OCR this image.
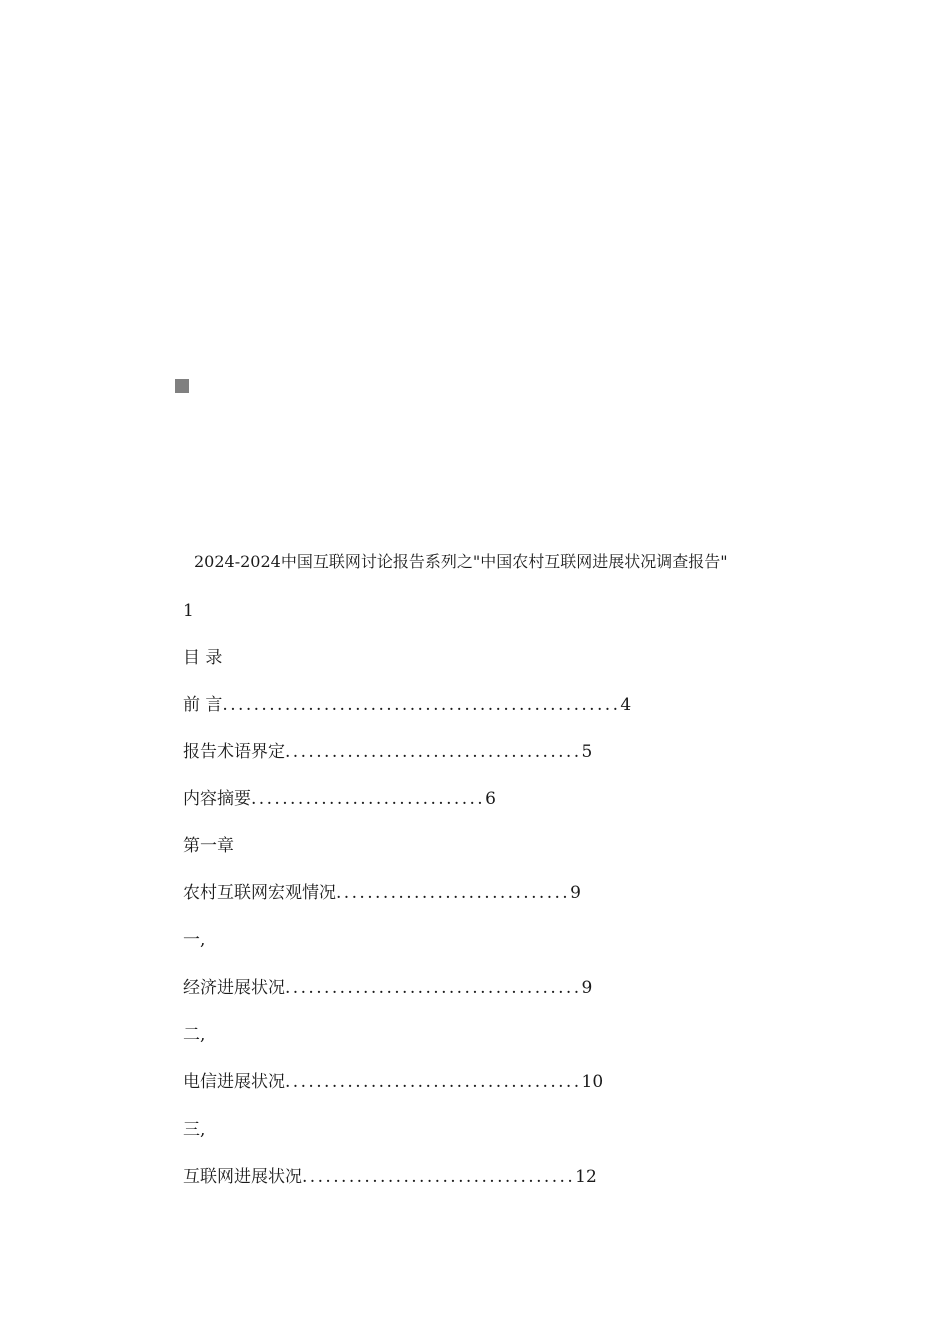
2024-2024中国互联网讨论报告系列之"中国农村互联网进展状况调查报告"
1
目 录
前 言...................................................4
报告术语界定......................................5
内容摘要..............................6
第一章
农村互联网宏观情况..............................9
一,
经济进展状况......................................9
二,
电信进展状况......................................10
三,
互联网进展状况...................................12
